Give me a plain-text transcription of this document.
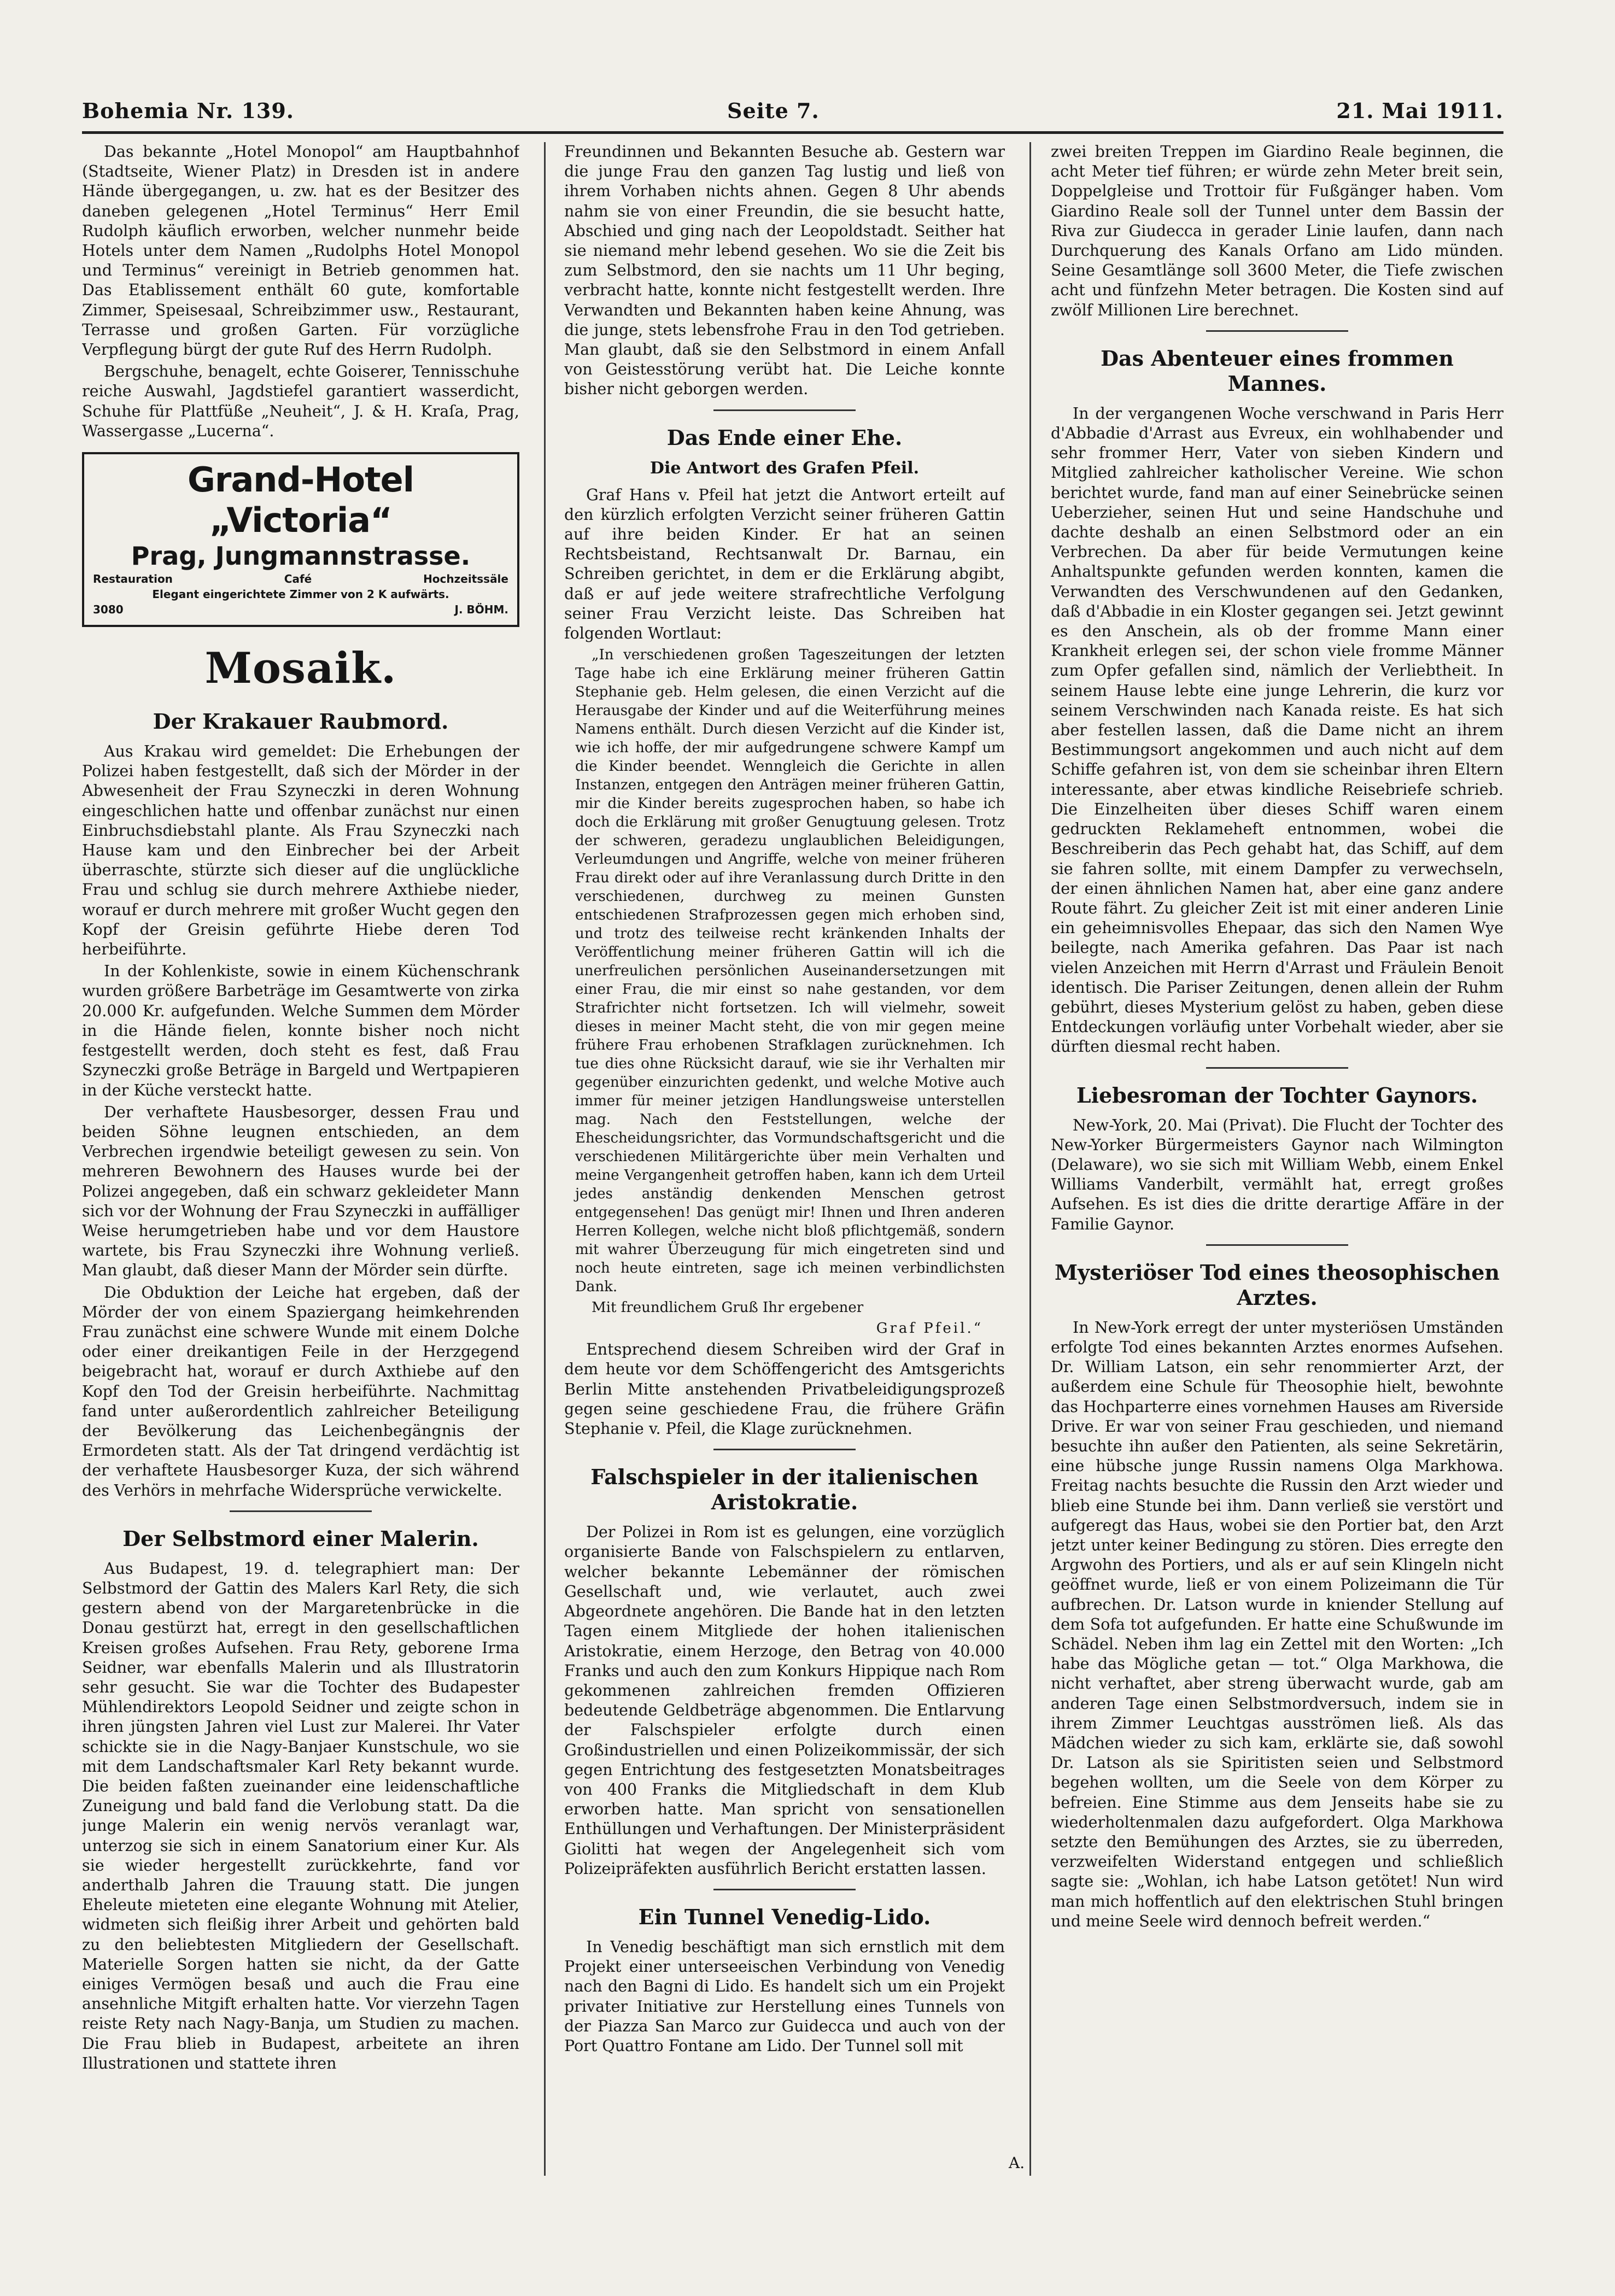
Bohemia Nr. 139.	Seite 7.	21. Mai 1911.

Das bekannte „Hotel Monopol“ am Hauptbahnhof (Stadtseite, Wiener Platz) in Dresden ist in andere Hände übergegangen, u. zw. hat es der Besitzer des daneben gelegenen „Hotel Terminus“ Herr Emil Rudolph käuflich erworben, welcher nunmehr beide Hotels unter dem Namen „Rudolphs Hotel Monopol und Terminus“ vereinigt in Betrieb genommen hat. Das Etablissement enthält 60 gute, komfortable Zimmer, Speisesaal, Schreibzimmer usw., Restaurant, Terrasse und großen Garten. Für vorzügliche Verpflegung bürgt der gute Ruf des Herrn Rudolph.

Bergschuhe, benagelt, echte Goiserer, Tennisschuhe reiche Auswahl, Jagdstiefel garantiert wasserdicht, Schuhe für Plattfüße „Neuheit“, J. & H. Kraſa, Prag, Wassergasse „Lucerna“.

Grand-Hotel „Victoria“
Prag, Jungmannstrasse.
Restauration	Café	Hochzeitssäle
Elegant eingerichtete Zimmer von 2 K aufwärts.
3080	J. BÖHM.
Mosaik.
Der Krakauer Raubmord.

Aus Krakau wird gemeldet: Die Erhebungen der Polizei haben festgestellt, daß sich der Mörder in der Abwesenheit der Frau Szyneczki in deren Wohnung eingeschlichen hatte und offenbar zunächst nur einen Einbruchsdiebstahl plante. Als Frau Szyneczki nach Hause kam und den Einbrecher bei der Arbeit überraschte, stürzte sich dieser auf die unglückliche Frau und schlug sie durch mehrere Axthiebe nieder, worauf er durch mehrere mit großer Wucht gegen den Kopf der Greisin geführte Hiebe deren Tod herbeiführte.

In der Kohlenkiste, sowie in einem Küchenschrank wurden größere Barbeträge im Gesamtwerte von zirka 20.000 Kr. aufgefunden. Welche Summen dem Mörder in die Hände fielen, konnte bisher noch nicht festgestellt werden, doch steht es fest, daß Frau Szyneczki große Beträge in Bargeld und Wertpapieren in der Küche versteckt hatte.

Der verhaftete Hausbesorger, dessen Frau und beiden Söhne leugnen entschieden, an dem Verbrechen irgendwie beteiligt gewesen zu sein. Von mehreren Bewohnern des Hauses wurde bei der Polizei angegeben, daß ein schwarz gekleideter Mann sich vor der Wohnung der Frau Szyneczki in auffälliger Weise herumgetrieben habe und vor dem Haustore wartete, bis Frau Szyneczki ihre Wohnung verließ. Man glaubt, daß dieser Mann der Mörder sein dürfte.

Die Obduktion der Leiche hat ergeben, daß der Mörder der von einem Spaziergang heimkehrenden Frau zunächst eine schwere Wunde mit einem Dolche oder einer dreikantigen Feile in der Herzgegend beigebracht hat, worauf er durch Axthiebe auf den Kopf den Tod der Greisin herbeiführte. Nachmittag fand unter außerordentlich zahlreicher Beteiligung der Bevölkerung das Leichenbegängnis der Ermordeten statt. Als der Tat dringend verdächtig ist der verhaftete Hausbesorger Kuza, der sich während des Verhörs in mehrfache Widersprüche verwickelte.

Der Selbstmord einer Malerin.

Aus Budapest, 19. d. telegraphiert man: Der Selbstmord der Gattin des Malers Karl Rety, die sich gestern abend von der Margaretenbrücke in die Donau gestürzt hat, erregt in den gesellschaftlichen Kreisen großes Aufsehen. Frau Rety, geborene Irma Seidner, war ebenfalls Malerin und als Illustratorin sehr gesucht. Sie war die Tochter des Budapester Mühlendirektors Leopold Seidner und zeigte schon in ihren jüngsten Jahren viel Lust zur Malerei. Ihr Vater schickte sie in die Nagy-Banjaer Kunstschule, wo sie mit dem Landschaftsmaler Karl Rety bekannt wurde. Die beiden faßten zueinander eine leidenschaftliche Zuneigung und bald fand die Verlobung statt. Da die junge Malerin ein wenig nervös veranlagt war, unterzog sie sich in einem Sanatorium einer Kur. Als sie wieder hergestellt zurückkehrte, fand vor anderthalb Jahren die Trauung statt. Die jungen Eheleute mieteten eine elegante Wohnung mit Atelier, widmeten sich fleißig ihrer Arbeit und gehörten bald zu den beliebtesten Mitgliedern der Gesellschaft. Materielle Sorgen hatten sie nicht, da der Gatte einiges Vermögen besaß und auch die Frau eine ansehnliche Mitgift erhalten hatte. Vor vierzehn Tagen reiste Rety nach Nagy-Banja, um Studien zu machen. Die Frau blieb in Budapest, arbeitete an ihren Illustrationen und stattete ihren

Freundinnen und Bekannten Besuche ab. Gestern war die junge Frau den ganzen Tag lustig und ließ von ihrem Vorhaben nichts ahnen. Gegen 8 Uhr abends nahm sie von einer Freundin, die sie besucht hatte, Abschied und ging nach der Leopoldstadt. Seither hat sie niemand mehr lebend gesehen. Wo sie die Zeit bis zum Selbstmord, den sie nachts um 11 Uhr beging, verbracht hatte, konnte nicht festgestellt werden. Ihre Verwandten und Bekannten haben keine Ahnung, was die junge, stets lebensfrohe Frau in den Tod getrieben. Man glaubt, daß sie den Selbstmord in einem Anfall von Geistesstörung verübt hat. Die Leiche konnte bisher nicht geborgen werden.

Das Ende einer Ehe.
Die Antwort des Grafen Pfeil.

Graf Hans v. Pfeil hat jetzt die Antwort erteilt auf den kürzlich erfolgten Verzicht seiner früheren Gattin auf ihre beiden Kinder. Er hat an seinen Rechtsbeistand, Rechtsanwalt Dr. Barnau, ein Schreiben gerichtet, in dem er die Erklärung abgibt, daß er auf jede weitere strafrechtliche Verfolgung seiner Frau Verzicht leiste. Das Schreiben hat folgenden Wortlaut:

„In verschiedenen großen Tageszeitungen der letzten Tage habe ich eine Erklärung meiner früheren Gattin Stephanie geb. Helm gelesen, die einen Verzicht auf die Herausgabe der Kinder und auf die Weiterführung meines Namens enthält. Durch diesen Verzicht auf die Kinder ist, wie ich hoffe, der mir aufgedrungene schwere Kampf um die Kinder beendet. Wenngleich die Gerichte in allen Instanzen, entgegen den Anträgen meiner früheren Gattin, mir die Kinder bereits zugesprochen haben, so habe ich doch die Erklärung mit großer Genugtuung gelesen. Trotz der schweren, geradezu unglaublichen Beleidigungen, Verleumdungen und Angriffe, welche von meiner früheren Frau direkt oder auf ihre Veranlassung durch Dritte in den verschiedenen, durchweg zu meinen Gunsten entschiedenen Strafprozessen gegen mich erhoben sind, und trotz des teilweise recht kränkenden Inhalts der Veröffentlichung meiner früheren Gattin will ich die unerfreulichen persönlichen Auseinandersetzungen mit einer Frau, die mir einst so nahe gestanden, vor dem Strafrichter nicht fortsetzen. Ich will vielmehr, soweit dieses in meiner Macht steht, die von mir gegen meine frühere Frau erhobenen Strafklagen zurücknehmen. Ich tue dies ohne Rücksicht darauf, wie sie ihr Verhalten mir gegenüber einzurichten gedenkt, und welche Motive auch immer für meiner jetzigen Handlungsweise unterstellen mag. Nach den Feststellungen, welche der Ehescheidungsrichter, das Vormundschaftsgericht und die verschiedenen Militärgerichte über mein Verhalten und meine Vergangenheit getroffen haben, kann ich dem Urteil jedes anständig denkenden Menschen getrost entgegensehen! Das genügt mir! Ihnen und Ihren anderen Herren Kollegen, welche nicht bloß pflichtgemäß, sondern mit wahrer Überzeugung für mich eingetreten sind und noch heute eintreten, sage ich meinen verbindlichsten Dank.

Mit freundlichem Gruß Ihr ergebener

Graf Pfeil.“

Entsprechend diesem Schreiben wird der Graf in dem heute vor dem Schöffengericht des Amtsgerichts Berlin Mitte anstehenden Privatbeleidigungsprozeß gegen seine geschiedene Frau, die frühere Gräfin Stephanie v. Pfeil, die Klage zurücknehmen.

Falschspieler in der italienischen Aristokratie.

Der Polizei in Rom ist es gelungen, eine vorzüglich organisierte Bande von Falschspielern zu entlarven, welcher bekannte Lebemänner der römischen Gesellschaft und, wie verlautet, auch zwei Abgeordnete angehören. Die Bande hat in den letzten Tagen einem Mitgliede der hohen italienischen Aristokratie, einem Herzoge, den Betrag von 40.000 Franks und auch den zum Konkurs Hippique nach Rom gekommenen zahlreichen fremden Offizieren bedeutende Geldbeträge abgenommen. Die Entlarvung der Falschspieler erfolgte durch einen Großindustriellen und einen Polizeikommissär, der sich gegen Entrichtung des festgesetzten Monatsbeitrages von 400 Franks die Mitgliedschaft in dem Klub erworben hatte. Man spricht von sensationellen Enthüllungen und Verhaftungen. Der Ministerpräsident Giolitti hat wegen der Angelegenheit sich vom Polizeipräfekten ausführlich Bericht erstatten lassen.

Ein Tunnel Venedig-Lido.

In Venedig beschäftigt man sich ernstlich mit dem Projekt einer unterseeischen Verbindung von Venedig nach den Bagni di Lido. Es handelt sich um ein Projekt privater Initiative zur Herstellung eines Tunnels von der Piazza San Marco zur Guidecca und auch von der Port Quattro Fontane am Lido. Der Tunnel soll mit

zwei breiten Treppen im Giardino Reale beginnen, die acht Meter tief führen; er würde zehn Meter breit sein, Doppelgleise und Trottoir für Fußgänger haben. Vom Giardino Reale soll der Tunnel unter dem Bassin der Riva zur Giudecca in gerader Linie laufen, dann nach Durchquerung des Kanals Orfano am Lido münden. Seine Gesamtlänge soll 3600 Meter, die Tiefe zwischen acht und fünfzehn Meter betragen. Die Kosten sind auf zwölf Millionen Lire berechnet.

Das Abenteuer eines frommen Mannes.

In der vergangenen Woche verschwand in Paris Herr d'Abbadie d'Arrast aus Evreux, ein wohlhabender und sehr frommer Herr, Vater von sieben Kindern und Mitglied zahlreicher katholischer Vereine. Wie schon berichtet wurde, fand man auf einer Seinebrücke seinen Ueberzieher, seinen Hut und seine Handschuhe und dachte deshalb an einen Selbstmord oder an ein Verbrechen. Da aber für beide Vermutungen keine Anhaltspunkte gefunden werden konnten, kamen die Verwandten des Verschwundenen auf den Gedanken, daß d'Abbadie in ein Kloster gegangen sei. Jetzt gewinnt es den Anschein, als ob der fromme Mann einer Krankheit erlegen sei, der schon viele fromme Männer zum Opfer gefallen sind, nämlich der Verliebtheit. In seinem Hause lebte eine junge Lehrerin, die kurz vor seinem Verschwinden nach Kanada reiste. Es hat sich aber festellen lassen, daß die Dame nicht an ihrem Bestimmungsort angekommen und auch nicht auf dem Schiffe gefahren ist, von dem sie scheinbar ihren Eltern interessante, aber etwas kindliche Reisebriefe schrieb. Die Einzelheiten über dieses Schiff waren einem gedruckten Reklameheft entnommen, wobei die Beschreiberin das Pech gehabt hat, das Schiff, auf dem sie fahren sollte, mit einem Dampfer zu verwechseln, der einen ähnlichen Namen hat, aber eine ganz andere Route fährt. Zu gleicher Zeit ist mit einer anderen Linie ein geheimnisvolles Ehepaar, das sich den Namen Wye beilegte, nach Amerika gefahren. Das Paar ist nach vielen Anzeichen mit Herrn d'Arrast und Fräulein Benoit identisch. Die Pariser Zeitungen, denen allein der Ruhm gebührt, dieses Mysterium gelöst zu haben, geben diese Entdeckungen vorläufig unter Vorbehalt wieder, aber sie dürften diesmal recht haben.

Liebesroman der Tochter Gaynors.

New-York, 20. Mai (Privat). Die Flucht der Tochter des New-Yorker Bürgermeisters Gaynor nach Wilmington (Delaware), wo sie sich mit William Webb, einem Enkel Williams Vanderbilt, vermählt hat, erregt großes Aufsehen. Es ist dies die dritte derartige Affäre in der Familie Gaynor.

Mysteriöser Tod eines theosophischen Arztes.

In New-York erregt der unter mysteriösen Umständen erfolgte Tod eines bekannten Arztes enormes Aufsehen. Dr. William Latson, ein sehr renommierter Arzt, der außerdem eine Schule für Theosophie hielt, bewohnte das Hochparterre eines vornehmen Hauses am Riverside Drive. Er war von seiner Frau geschieden, und niemand besuchte ihn außer den Patienten, als seine Sekretärin, eine hübsche junge Russin namens Olga Markhowa. Freitag nachts besuchte die Russin den Arzt wieder und blieb eine Stunde bei ihm. Dann verließ sie verstört und aufgeregt das Haus, wobei sie den Portier bat, den Arzt jetzt unter keiner Bedingung zu stören. Dies erregte den Argwohn des Portiers, und als er auf sein Klingeln nicht geöffnet wurde, ließ er von einem Polizeimann die Tür aufbrechen. Dr. Latson wurde in kniender Stellung auf dem Sofa tot aufgefunden. Er hatte eine Schußwunde im Schädel. Neben ihm lag ein Zettel mit den Worten: „Ich habe das Mögliche getan — tot.“ Olga Markhowa, die nicht verhaftet, aber streng überwacht wurde, gab am anderen Tage einen Selbstmordversuch, indem sie in ihrem Zimmer Leuchtgas ausströmen ließ. Als das Mädchen wieder zu sich kam, erklärte sie, daß sowohl Dr. Latson als sie Spiritisten seien und Selbstmord begehen wollten, um die Seele von dem Körper zu befreien. Eine Stimme aus dem Jenseits habe sie zu wiederholtenmalen dazu aufgefordert. Olga Markhowa setzte den Bemühungen des Arztes, sie zu überreden, verzweifelten Widerstand entgegen und schließlich sagte sie: „Wohlan, ich habe Latson getötet! Nun wird man mich hoffentlich auf den elektrischen Stuhl bringen und meine Seele wird dennoch befreit werden.“

A.
